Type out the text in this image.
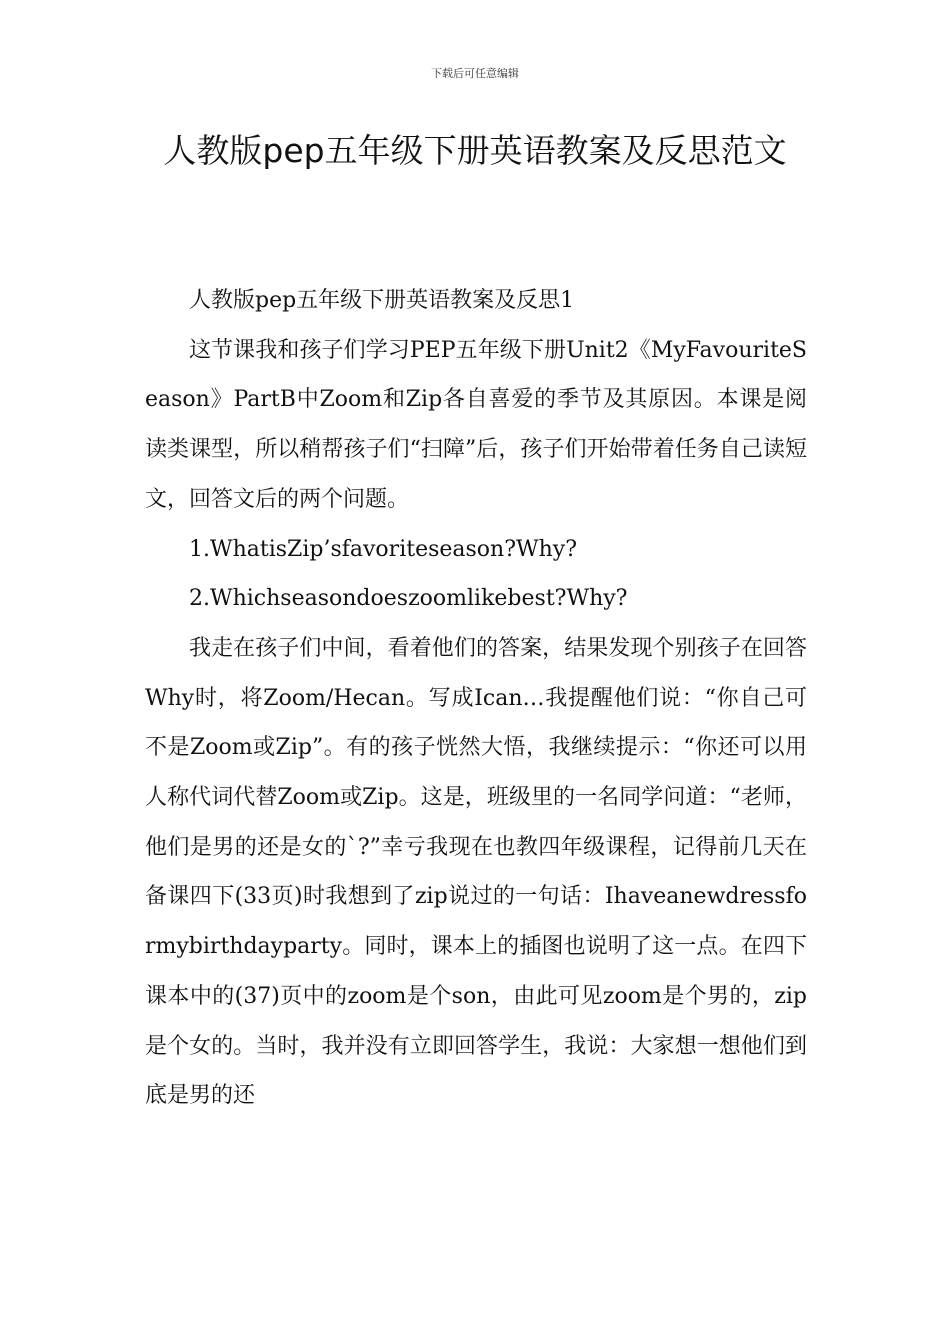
下载后可任意编辑
人教版pep五年级下册英语教案及反思范文

人教版pep五年级下册英语教案及反思1

这节课我和孩子们学习PEP五年级下册Unit2《MyFavouriteSeason》PartB中Zoom和Zip各自喜爱的季节及其原因。本课是阅读类课型，所以稍帮孩子们“扫障”后，孩子们开始带着任务自己读短文，回答文后的两个问题。

1.WhatisZip’sfavoriteseason?Why?

2.Whichseasondoeszoomlikebest?Why?

我走在孩子们中间，看着他们的答案，结果发现个别孩子在回答Why时，将Zoom/Hecan。写成Ican…我提醒他们说：“你自己可不是Zoom或Zip”。有的孩子恍然大悟，我继续提示：“你还可以用人称代词代替Zoom或Zip。这是，班级里的一名同学问道：“老师，他们是男的还是女的`?”幸亏我现在也教四年级课程，记得前几天在备课四下(33页)时我想到了zip说过的一句话：Ihaveanewdressformybirthdayparty。同时，课本上的插图也说明了这一点。在四下课本中的(37)页中的zoom是个son，由此可见zoom是个男的，zip是个女的。当时，我并没有立即回答学生，我说：大家想一想他们到底是男的还
